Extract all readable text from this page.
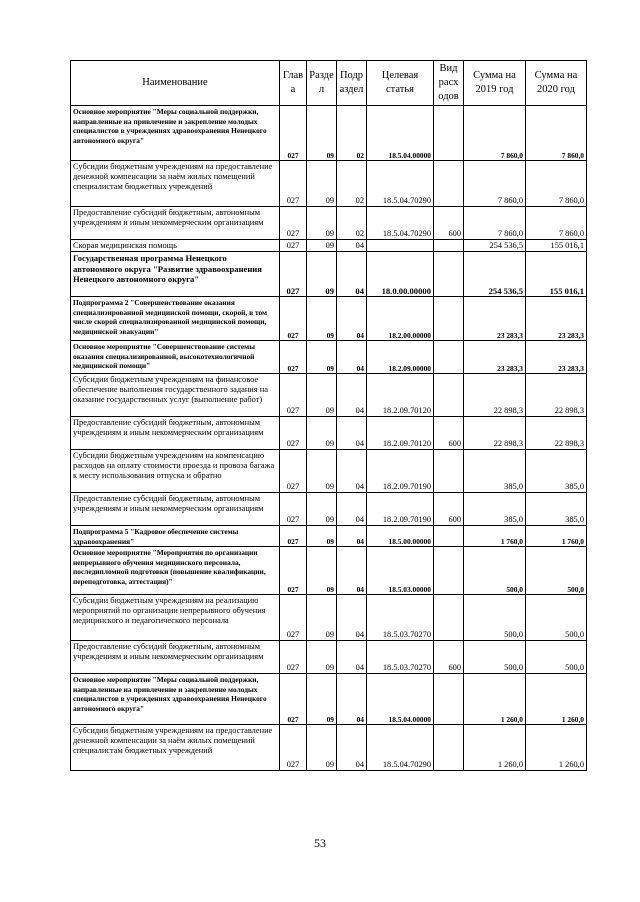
Наименование	Глав а	Разде л	Подр аздел	Целевая статья	Вид расх одов	Сумма на 2019 год	Сумма на 2020 год
Основное мероприятие "Меры социальной поддержки, направленные на привлечение и закрепление молодых специалистов в учреждениях здравоохранения Ненецкого автономного округа"	027	09	02	18.5.04.00000		7 860,0	7 860,0
Субсидии бюджетным учреждениям на предоставление денежной компенсации за наём жилых помещений специалистам бюджетных учреждений	027	09	02	18.5.04.70290		7 860,0	7 860,0
Предоставление субсидий бюджетным, автономным учреждениям и иным некоммерческим организациям	027	09	02	18.5.04.70290	600	7 860,0	7 860,0
Скорая медицинская помощь	027	09	04			254 536,5	155 016,1
Государственная программа Ненецкого автономного округа "Развитие здравоохранения Ненецкого автономного округа"	027	09	04	18.0.00.00000		254 536,5	155 016,1
Подпрограмма 2 "Совершенствование оказания специализированной медицинской помощи, скорой, в том числе скорой специализированной медицинской помощи, медицинской эвакуации"	027	09	04	18.2.00.00000		23 283,3	23 283,3
Основное мероприятие "Совершенствование системы оказания специализированной, высокотехнологичной медицинской помощи"	027	09	04	18.2.09.00000		23 283,3	23 283,3
Субсидии бюджетным учреждениям на финансовое обеспечение выполнения государственного задания на оказание государственных услуг (выполнение работ)	027	09	04	18.2.09.70120		22 898,3	22 898,3
Предоставление субсидий бюджетным, автономным учреждениям и иным некоммерческим организациям	027	09	04	18.2.09.70120	600	22 898,3	22 898,3
Субсидии бюджетным учреждениям на компенсацию расходов на оплату стоимости проезда и провоза багажа к месту использования отпуска и обратно	027	09	04	18.2.09.70190		385,0	385,0
Предоставление субсидий бюджетным, автономным учреждениям и иным некоммерческим организациям	027	09	04	18.2.09.70190	600	385,0	385,0
Подпрограмма 5 "Кадровое обеспечение системы здравоохранения"	027	09	04	18.5.00.00000		1 760,0	1 760,0
Основное мероприятие "Мероприятия по организации непрерывного обучения медицинского персонала, последипломной подготовки (повышение квалификации, переподготовка, аттестация)"	027	09	04	18.5.03.00000		500,0	500,0
Субсидии бюджетным учреждениям на реализацию мероприятий по организации непрерывного обучения медицинского и педагогического персонала	027	09	04	18.5.03.70270		500,0	500,0
Предоставление субсидий бюджетным, автономным учреждениям и иным некоммерческим организациям	027	09	04	18.5.03.70270	600	500,0	500,0
Основное мероприятие "Меры социальной поддержки, направленные на привлечение и закрепление молодых специалистов в учреждениях здравоохранения Ненецкого автономного округа"	027	09	04	18.5.04.00000		1 260,0	1 260,0
Субсидии бюджетным учреждениям на предоставление денежной компенсации за наём жилых помещений специалистам бюджетных учреждений	027	09	04	18.5.04.70290		1 260,0	1 260,0
53
